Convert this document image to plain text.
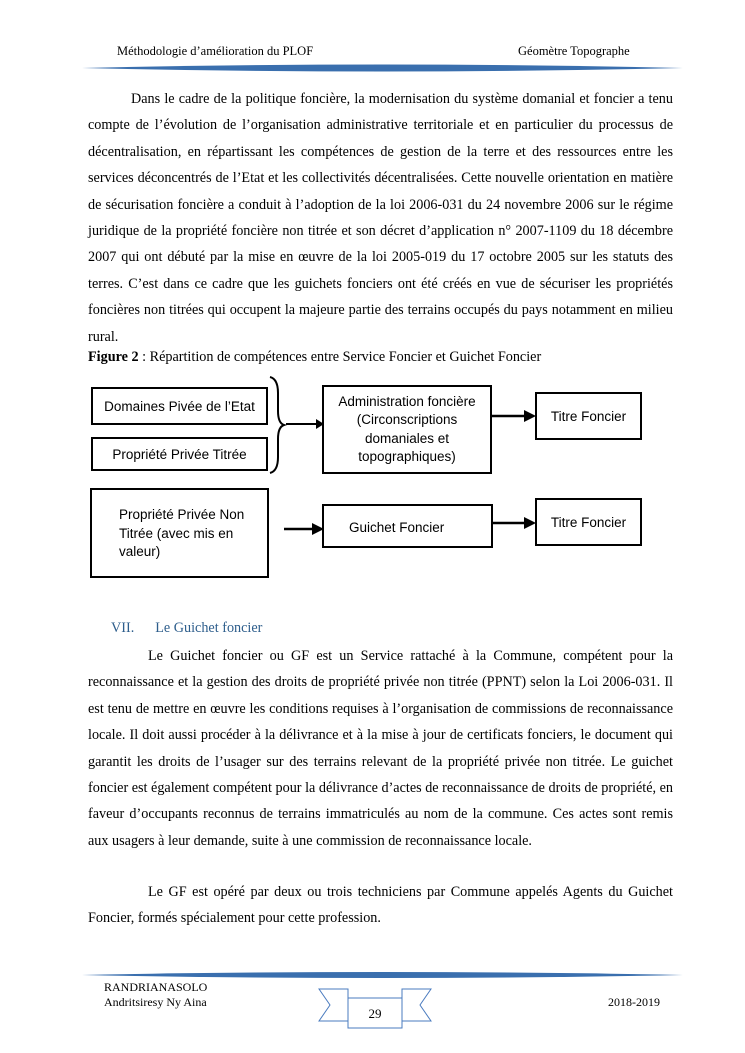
Méthodologie d’amélioration du PLOF	Géomètre Topographe
Dans le cadre de la politique foncière, la modernisation du système domanial et foncier a tenu compte de l’évolution de l’organisation administrative territoriale et en particulier du processus de décentralisation, en répartissant les compétences de gestion de la terre et des ressources entre les services déconcentrés de l’Etat et les collectivités décentralisées. Cette nouvelle orientation en matière de sécurisation foncière a conduit à l’adoption de la loi 2006-031 du 24 novembre 2006 sur le régime juridique de la propriété foncière non titrée et son décret d’application n° 2007-1109 du 18 décembre 2007 qui ont débuté par la mise en œuvre de la loi 2005-019 du 17 octobre 2005 sur les statuts des terres. C’est dans ce cadre que les guichets fonciers ont été créés en vue de sécuriser les propriétés foncières non titrées qui occupent la majeure partie des terrains occupés du pays notamment en milieu rural.
Figure 2 : Répartition de compétences entre Service Foncier et Guichet Foncier
Domaines Pivée de l’Etat
Propriété Privée Titrée
Administration foncière (Circonscriptions domaniales et topographiques)
Titre Foncier
Propriété Privée Non Titrée (avec mis en valeur)
Guichet Foncier	Titre Foncier
VII. Le Guichet foncier
Le Guichet foncier ou GF est un Service rattaché à la Commune, compétent pour la reconnaissance et la gestion des droits de propriété privée non titrée (PPNT) selon la Loi 2006-031. Il est tenu de mettre en œuvre les conditions requises à l’organisation de commissions de reconnaissance locale. Il doit aussi procéder à la délivrance et à la mise à jour de certificats fonciers, le document qui garantit les droits de l’usager sur des terrains relevant de la propriété privée non titrée. Le guichet foncier est également compétent pour la délivrance d’actes de reconnaissance de droits de propriété, en faveur d’occupants reconnus de terrains immatriculés au nom de la commune. Ces actes sont remis aux usagers à leur demande, suite à une commission de reconnaissance locale.
Le GF est opéré par deux ou trois techniciens par Commune appelés Agents du Guichet Foncier, formés spécialement pour cette profession.
RANDRIANASOLO
Andritsiresy Ny Aina
29
2018-2019
